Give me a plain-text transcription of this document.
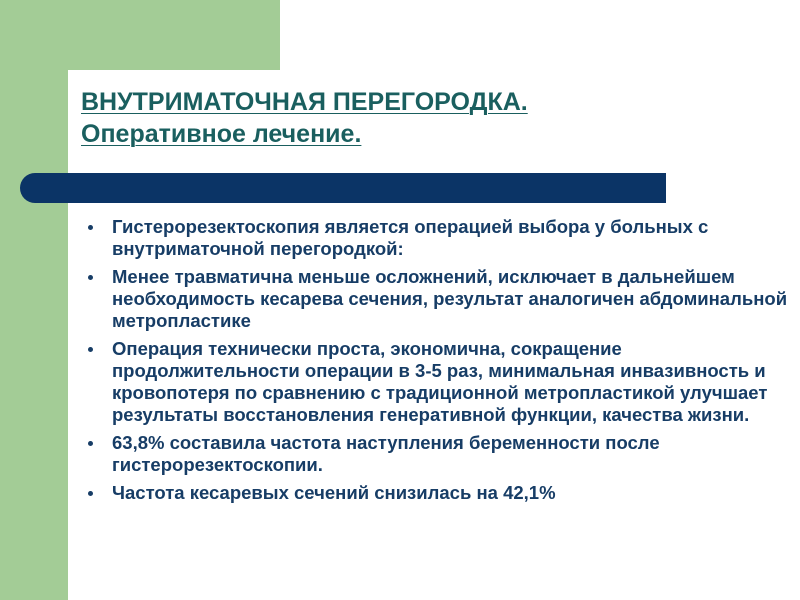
ВНУТРИМАТОЧНАЯ ПЕРЕГОРОДКА.
Оперативное лечение.
Гистерорезектоскопия является операцией выбора у больных с внутриматочной перегородкой:
Менее травматична меньше осложнений, исключает в дальнейшем необходимость кесарева сечения, результат аналогичен абдоминальной метропластике
Операция технически проста, экономична, сокращение продолжительности операции в 3-5 раз, минимальная инвазивность и кровопотеря по сравнению с традиционной метропластикой улучшает результаты восстановления генеративной функции, качества жизни.
63,8% составила частота наступления беременности после гистерорезектоскопии.
Частота кесаревых сечений снизилась на 42,1%
